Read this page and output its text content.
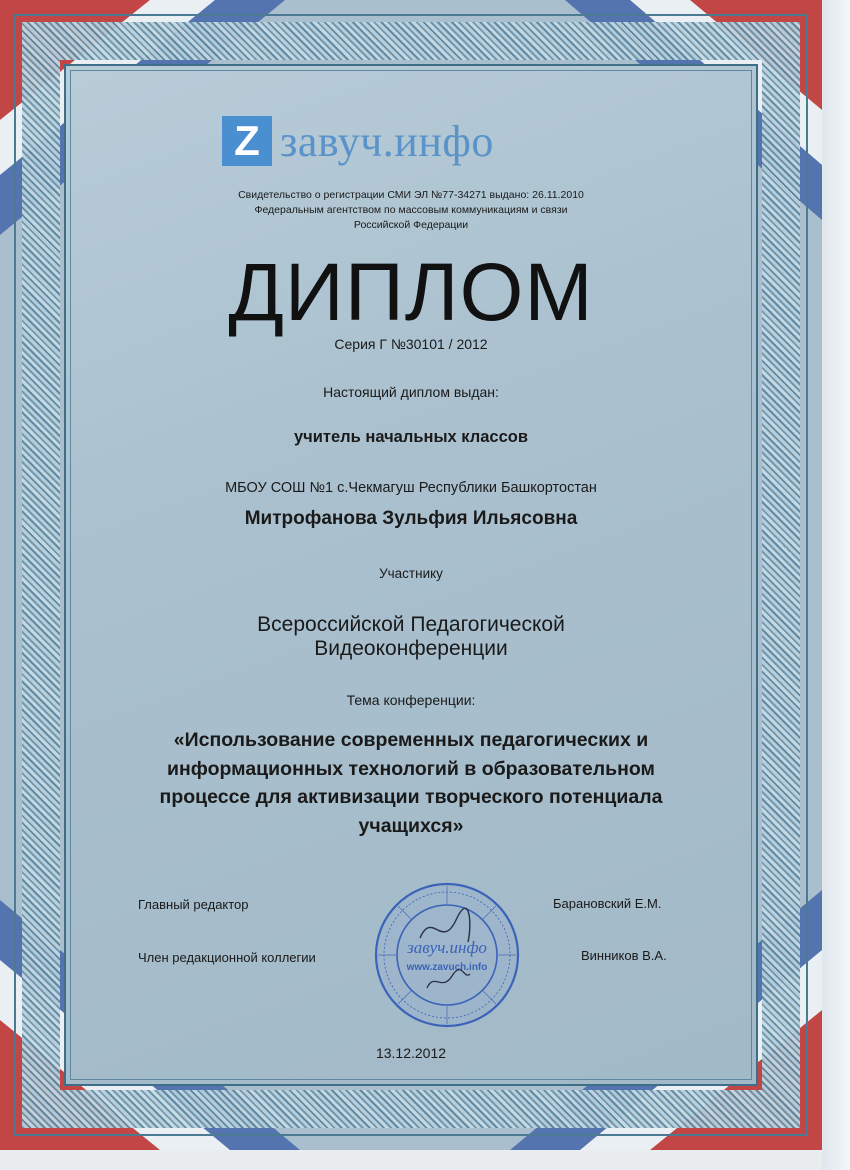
Z завуч.инфо
Свидетельство о регистрации СМИ ЭЛ №77-34271 выдано: 26.11.2010
Федеральным агентством по массовым коммуникациям и связи
Российской Федерации
ДИПЛОМ
Серия Г №30101 / 2012
Настоящий диплом выдан:
учитель начальных классов
МБОУ СОШ №1 с.Чекмагуш Республики Башкортостан
Митрофанова Зульфия Ильясовна
Участнику
Всероссийской Педагогической
Видеоконференции
Тема конференции:
«Использование современных педагогических и
информационных технологий в образовательном
процессе для активизации творческого потенциала
учащихся»
Главный редактор	Барановский Е.М.
Член редакционной коллегии	Винников В.А.
завуч.инфо
www.zavuch.info
13.12.2012
